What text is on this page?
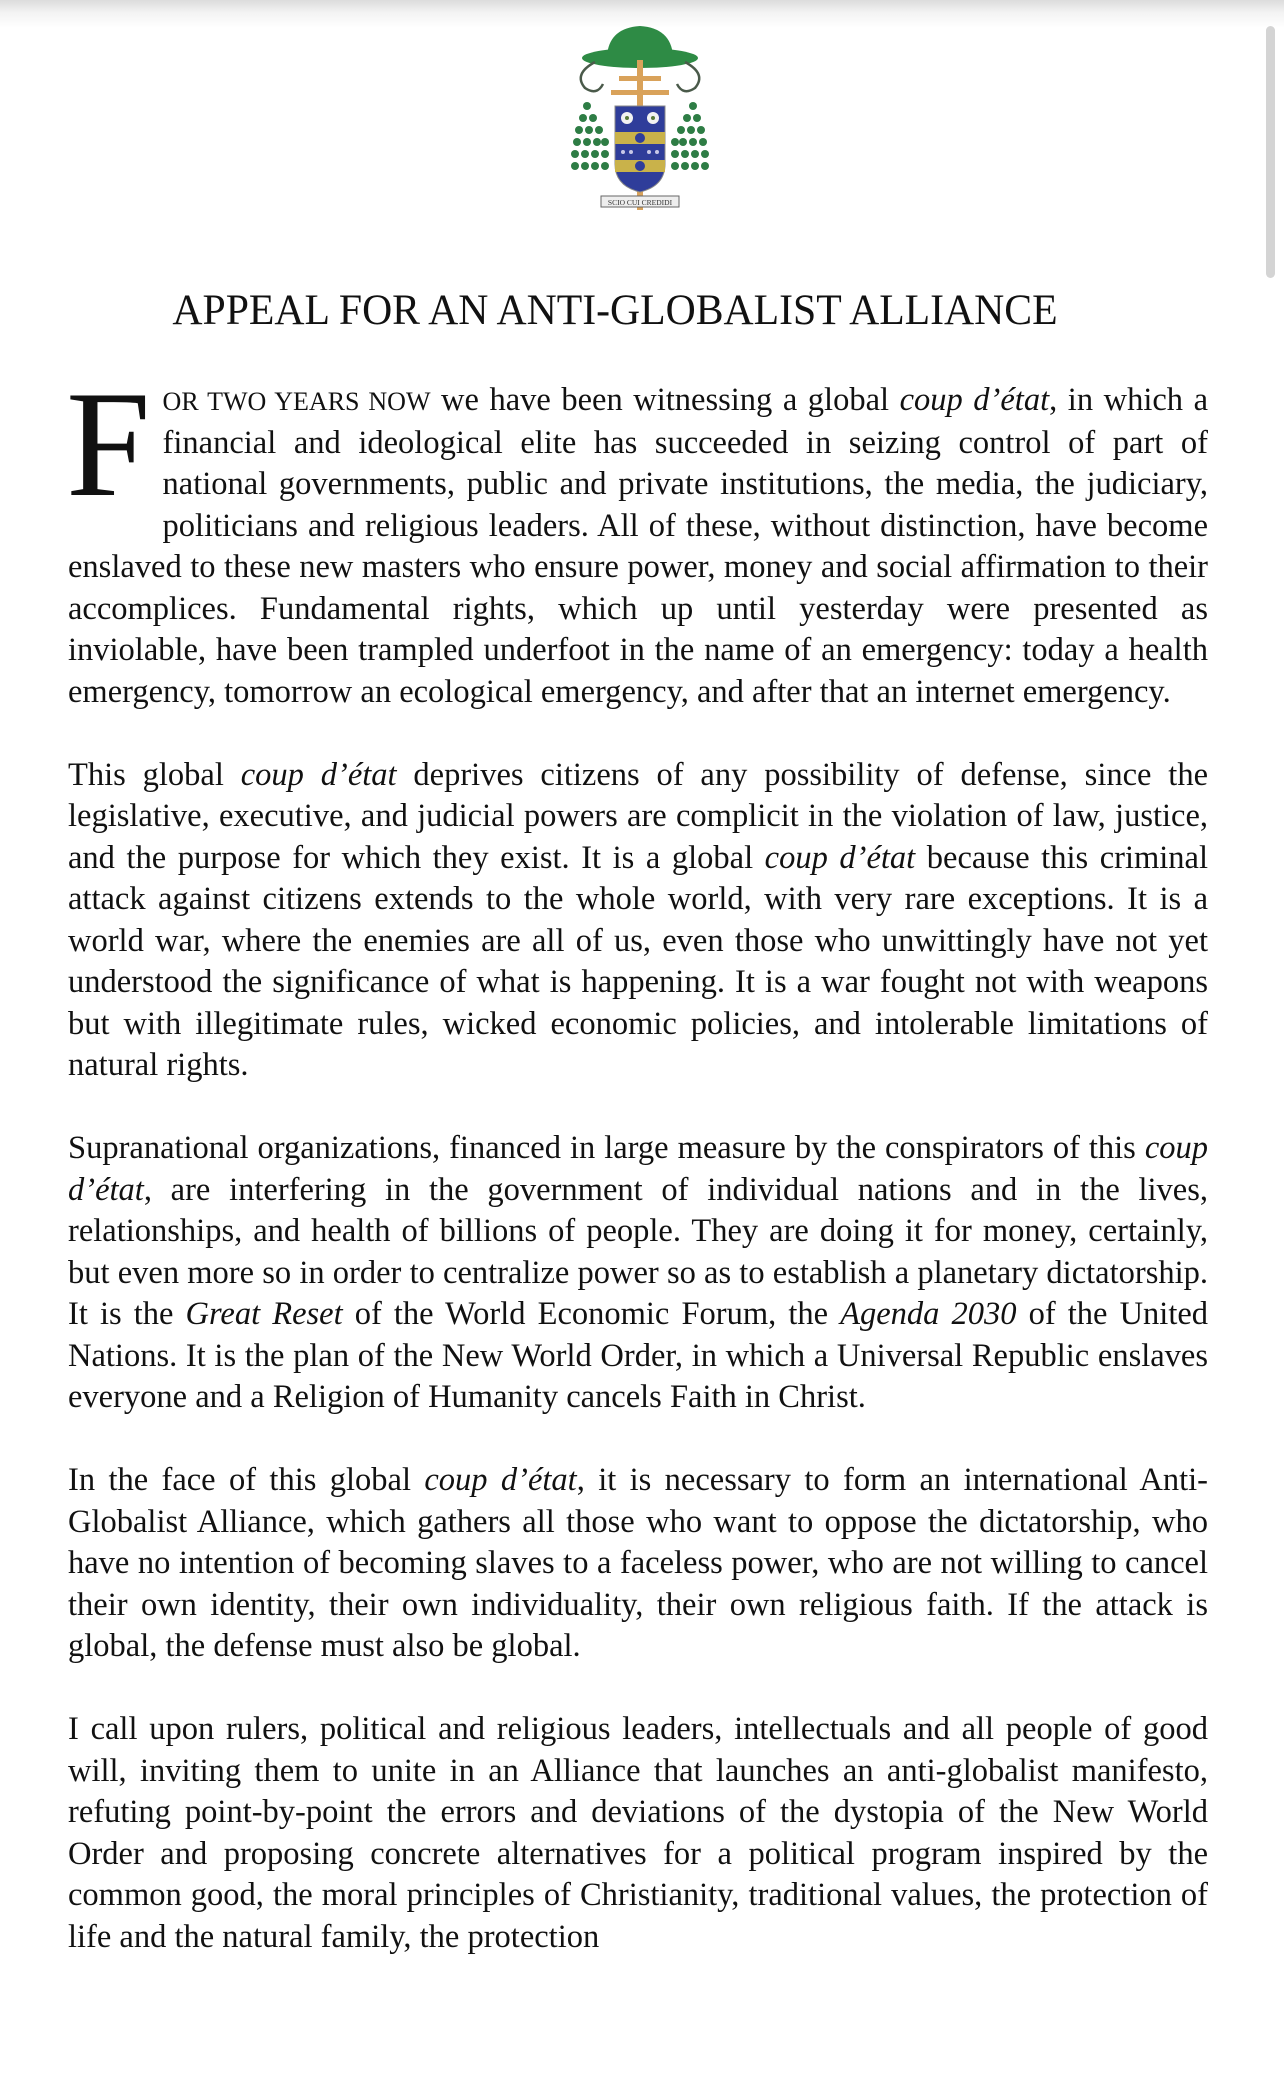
SCIO CUI CREDIDI
APPEAL FOR AN ANTI-GLOBALIST ALLIANCE

FOR TWO YEARS NOW we have been witnessing a global coup d’état, in which a financial and ideological elite has succeeded in seizing control of part of national governments, public and private institutions, the media, the judiciary, politicians and religious leaders. All of these, without distinction, have become enslaved to these new masters who ensure power, money and social affirmation to their accomplices. Fundamental rights, which up until yesterday were presented as inviolable, have been trampled underfoot in the name of an emergency: today a health emergency, tomorrow an ecological emergency, and after that an internet emergency.

This global coup d’état deprives citizens of any possibility of defense, since the legislative, executive, and judicial powers are complicit in the violation of law, justice, and the purpose for which they exist. It is a global coup d’état because this criminal attack against citizens extends to the whole world, with very rare exceptions. It is a world war, where the enemies are all of us, even those who unwittingly have not yet understood the significance of what is happening. It is a war fought not with weapons but with illegitimate rules, wicked economic policies, and intolerable limitations of natural rights.

Supranational organizations, financed in large measure by the conspirators of this coup d’état, are interfering in the government of individual nations and in the lives, relationships, and health of billions of people. They are doing it for money, certainly, but even more so in order to centralize power so as to establish a planetary dictatorship. It is the Great Reset of the World Economic Forum, the Agenda 2030 of the United Nations. It is the plan of the New World Order, in which a Universal Republic enslaves everyone and a Religion of Humanity cancels Faith in Christ.

In the face of this global coup d’état, it is necessary to form an international Anti-Globalist Alliance, which gathers all those who want to oppose the dictatorship, who have no intention of becoming slaves to a faceless power, who are not willing to cancel their own identity, their own individuality, their own religious faith. If the attack is global, the defense must also be global.

I call upon rulers, political and religious leaders, intellectuals and all people of good will, inviting them to unite in an Alliance that launches an anti-globalist manifesto, refuting point-by-point the errors and deviations of the dystopia of the New World Order and proposing concrete alternatives for a political program inspired by the common good, the moral principles of Christianity, traditional values, the protection of life and the natural family, the protection
